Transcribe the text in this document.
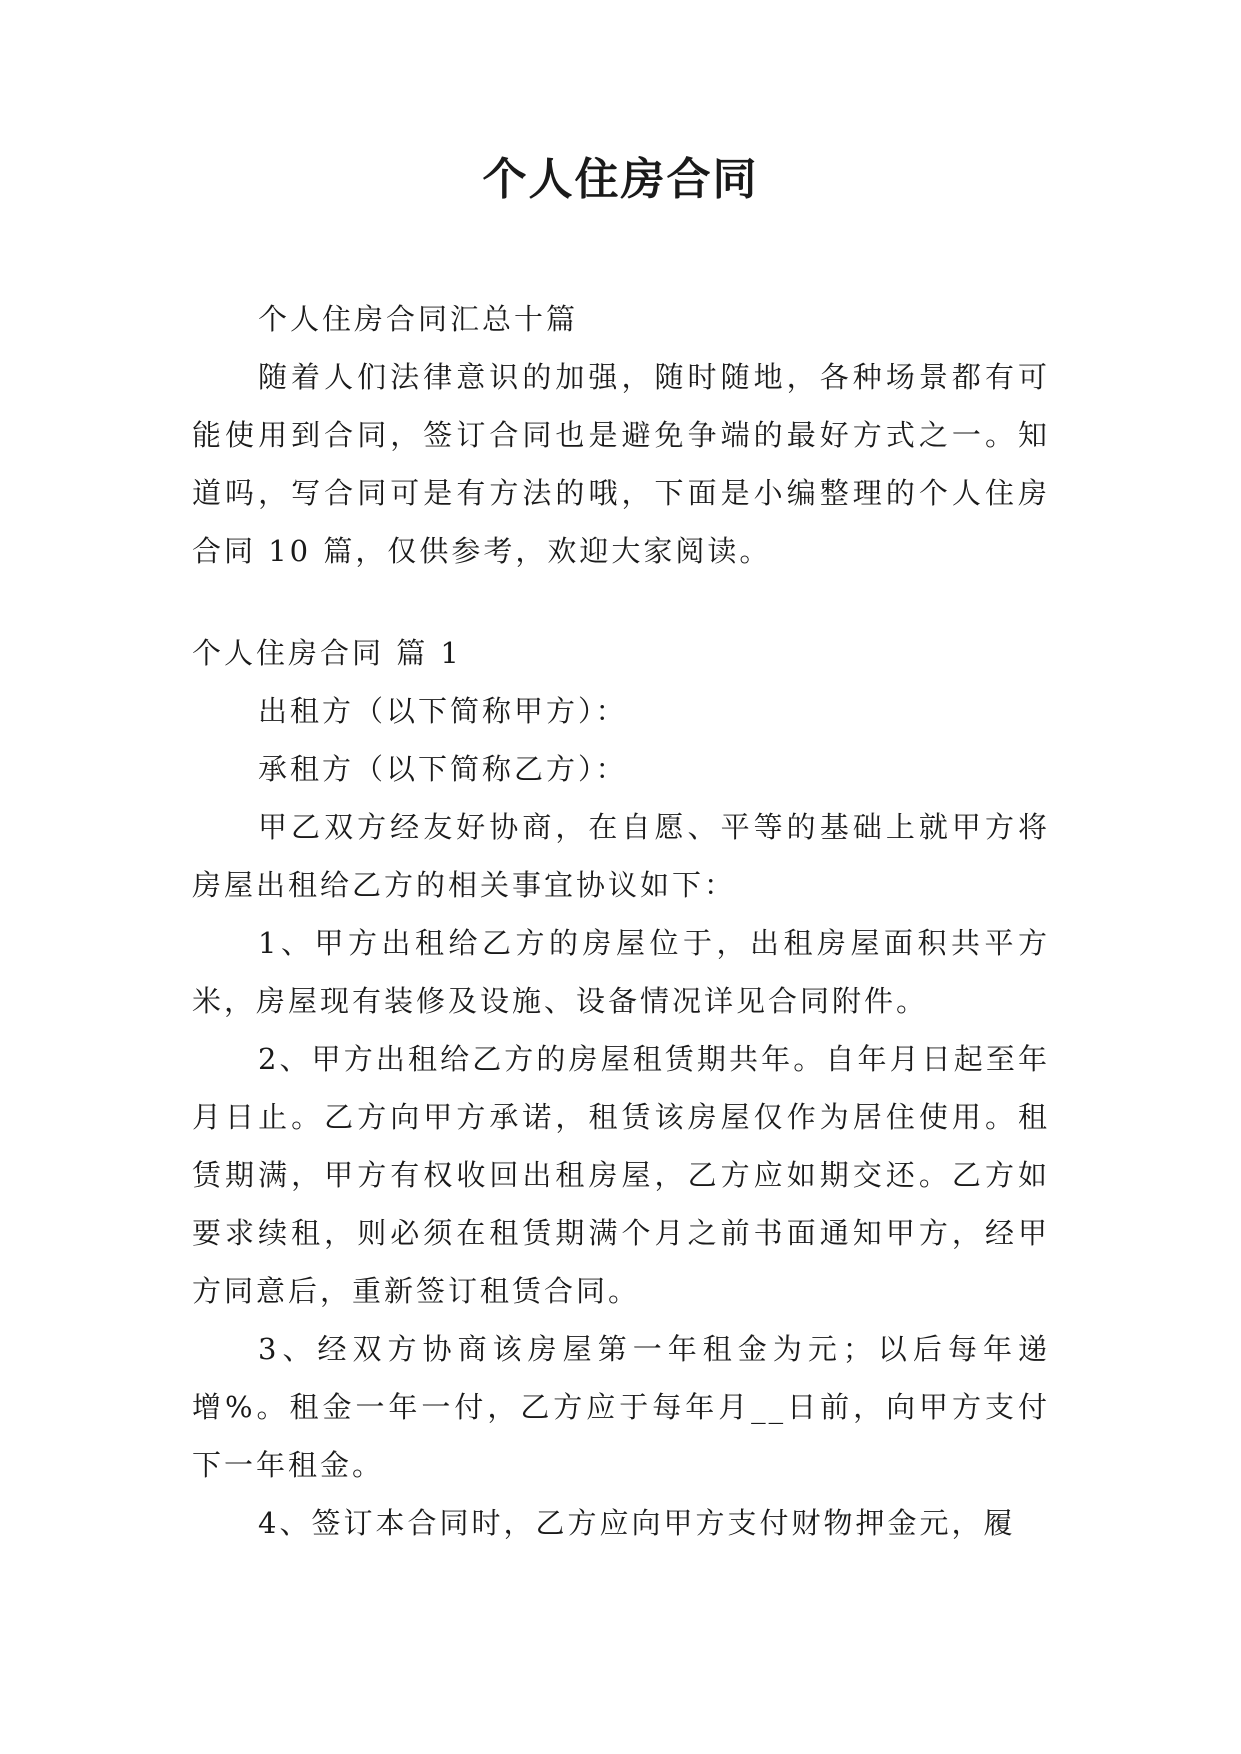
个人住房合同

个人住房合同汇总十篇

随着人们法律意识的加强，随时随地，各种场景都有可能使用到合同，签订合同也是避免争端的最好方式之一。知道吗，写合同可是有方法的哦，下面是小编整理的个人住房合同 10 篇，仅供参考，欢迎大家阅读。

个人住房合同 篇 1

出租方（以下简称甲方）：

承租方（以下简称乙方）：

甲乙双方经友好协商，在自愿、平等的基础上就甲方将房屋出租给乙方的相关事宜协议如下：

1、甲方出租给乙方的房屋位于，出租房屋面积共平方米，房屋现有装修及设施、设备情况详见合同附件。

2、甲方出租给乙方的房屋租赁期共年。自年月日起至年月日止。乙方向甲方承诺，租赁该房屋仅作为居住使用。租赁期满，甲方有权收回出租房屋，乙方应如期交还。乙方如要求续租，则必须在租赁期满个月之前书面通知甲方，经甲方同意后，重新签订租赁合同。

3、经双方协商该房屋第一年租金为元；以后每年递增%。租金一年一付，乙方应于每年月__日前，向甲方支付下一年租金。

4、签订本合同时，乙方应向甲方支付财物押金元，履
